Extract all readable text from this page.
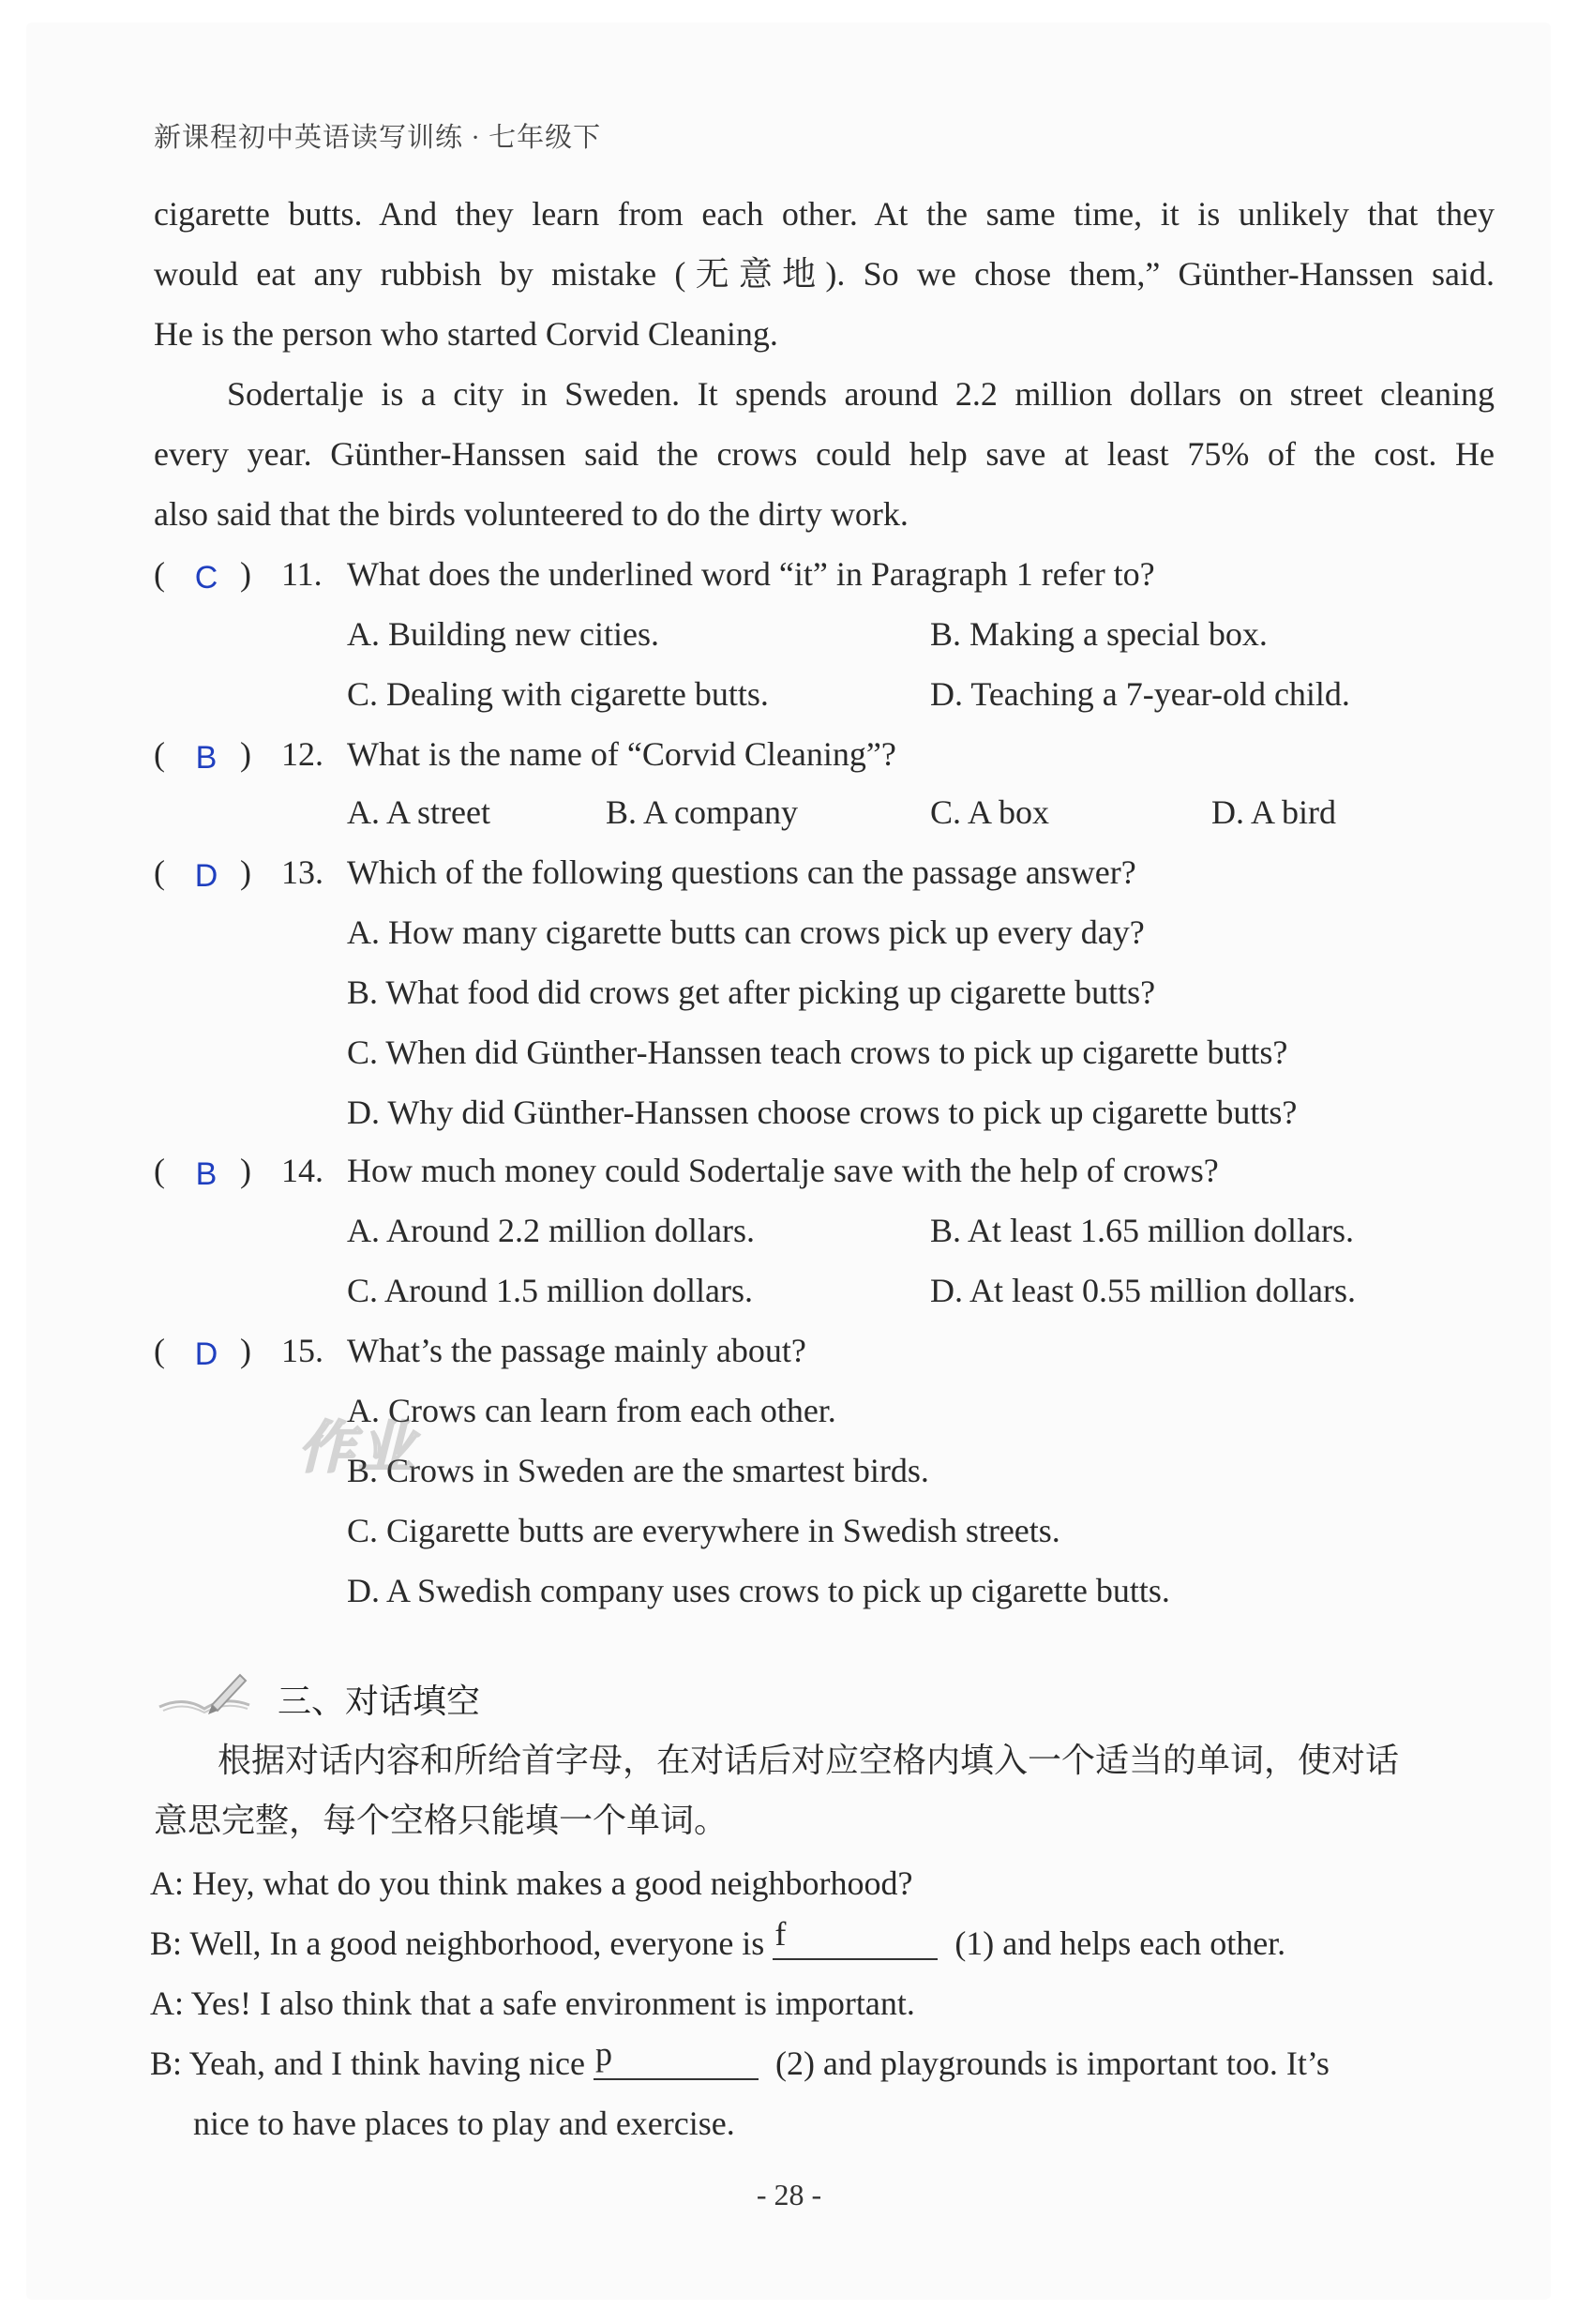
新课程初中英语读写训练 · 七年级下
cigarette butts. And they learn from each other. At the same time, it is unlikely that they
would eat any rubbish by mistake (无意地). So we chose them,” Günther-Hanssen said.
He is the person who started Corvid Cleaning.
Sodertalje is a city in Sweden. It spends around 2.2 million dollars on street cleaning
every year. Günther-Hanssen said the crows could help save at least 75% of the cost. He
also said that the birds volunteered to do the dirty work.
( C ) 11. What does the underlined word “it” in Paragraph 1 refer to?
A. Building new cities.	B. Making a special box.
C. Dealing with cigarette butts.	D. Teaching a 7-year-old child.
( B ) 12. What is the name of “Corvid Cleaning”?
A. A street	B. A company	C. A box	D. A bird
( D ) 13. Which of the following questions can the passage answer?
A. How many cigarette butts can crows pick up every day?
B. What food did crows get after picking up cigarette butts?
C. When did Günther-Hanssen teach crows to pick up cigarette butts?
D. Why did Günther-Hanssen choose crows to pick up cigarette butts?
( B ) 14. How much money could Sodertalje save with the help of crows?
A. Around 2.2 million dollars.	B. At least 1.65 million dollars.
C. Around 1.5 million dollars.	D. At least 0.55 million dollars.
( D ) 15. What’s the passage mainly about?
A. Crows can learn from each other.
B. Crows in Sweden are the smartest birds.
C. Cigarette butts are everywhere in Swedish streets.
D. A Swedish company uses crows to pick up cigarette butts.
作业
三、对话填空
根据对话内容和所给首字母，在对话后对应空格内填入一个适当的单词，使对话
意思完整，每个空格只能填一个单词。
A: Hey, what do you think makes a good neighborhood?
B: Well, In a good neighborhood, everyone is f	(1) and helps each other.
A: Yes! I also think that a safe environment is important.
B: Yeah, and I think having nice p	(2) and playgrounds is important too. It’s
nice to have places to play and exercise.
- 28 -
